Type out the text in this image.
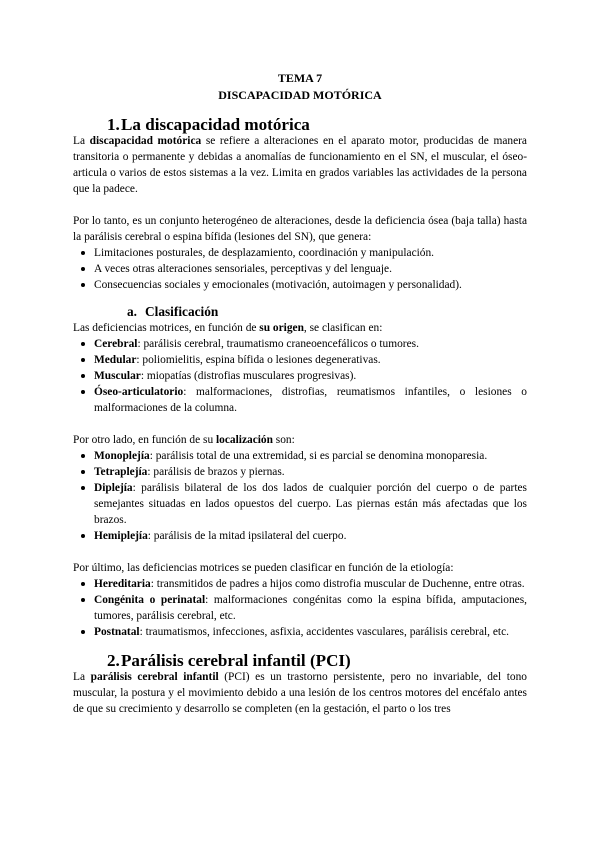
TEMA 7
DISCAPACIDAD MOTÓRICA
1. La discapacidad motórica

La discapacidad motórica se refiere a alteraciones en el aparato motor, producidas de manera transitoria o permanente y debidas a anomalías de funcionamiento en el SN, el muscular, el óseo-articula o varios de estos sistemas a la vez. Limita en grados variables las actividades de la persona que la padece.

Por lo tanto, es un conjunto heterogéneo de alteraciones, desde la deficiencia ósea (baja talla) hasta la parálisis cerebral o espina bífida (lesiones del SN), que genera:

Limitaciones posturales, de desplazamiento, coordinación y manipulación.
A veces otras alteraciones sensoriales, perceptivas y del lenguaje.
Consecuencias sociales y emocionales (motivación, autoimagen y personalidad).
a. Clasificación

Las deficiencias motrices, en función de su origen, se clasifican en:

Cerebral: parálisis cerebral, traumatismo craneoencefálicos o tumores.
Medular: poliomielitis, espina bífida o lesiones degenerativas.
Muscular: miopatías (distrofias musculares progresivas).
Óseo-articulatorio: malformaciones, distrofias, reumatismos infantiles, o lesiones o malformaciones de la columna.

Por otro lado, en función de su localización son:

Monoplejía: parálisis total de una extremidad, si es parcial se denomina monoparesia.
Tetraplejía: parálisis de brazos y piernas.
Diplejía: parálisis bilateral de los dos lados de cualquier porción del cuerpo o de partes semejantes situadas en lados opuestos del cuerpo. Las piernas están más afectadas que los brazos.
Hemiplejía: parálisis de la mitad ipsilateral del cuerpo.

Por último, las deficiencias motrices se pueden clasificar en función de la etiología:

Hereditaria: transmitidos de padres a hijos como distrofia muscular de Duchenne, entre otras.
Congénita o perinatal: malformaciones congénitas como la espina bífida, amputaciones, tumores, parálisis cerebral, etc.
Postnatal: traumatismos, infecciones, asfixia, accidentes vasculares, parálisis cerebral, etc.
2. Parálisis cerebral infantil (PCI)

La parálisis cerebral infantil (PCI) es un trastorno persistente, pero no invariable, del tono muscular, la postura y el movimiento debido a una lesión de los centros motores del encéfalo antes de que su crecimiento y desarrollo se completen (en la gestación, el parto o los tres
